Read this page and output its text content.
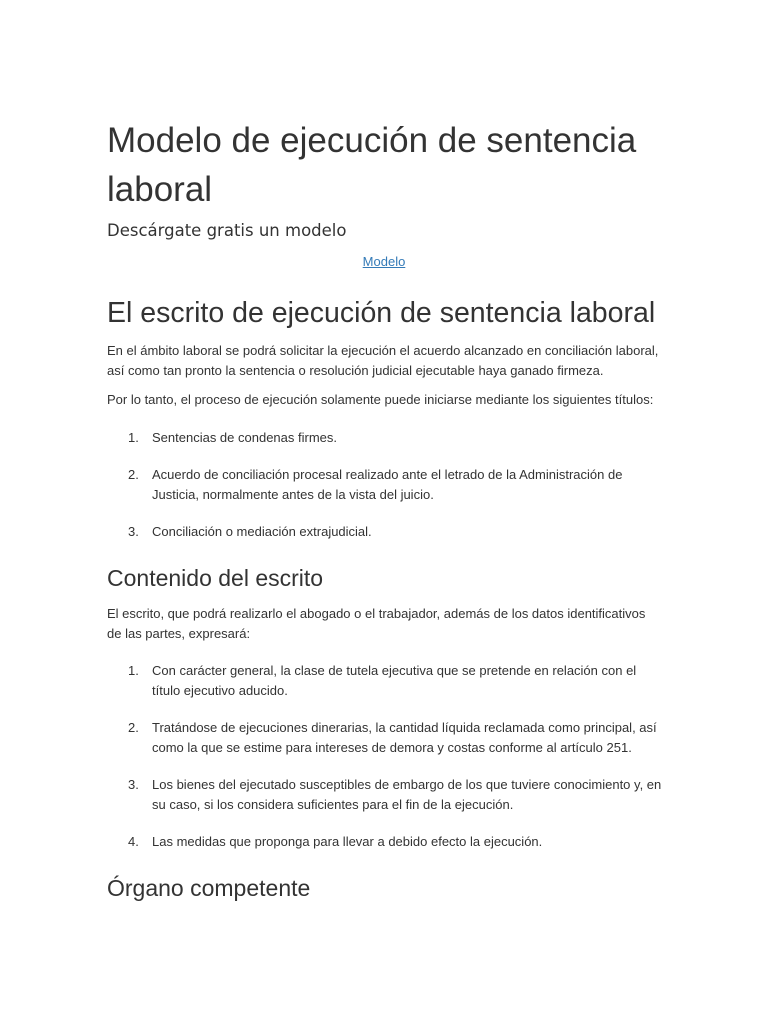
Modelo de ejecución de sentencia laboral
Descárgate gratis un modelo
Modelo
El escrito de ejecución de sentencia laboral

En el ámbito laboral se podrá solicitar la ejecución el acuerdo alcanzado en conciliación laboral, así como tan pronto la sentencia o resolución judicial ejecutable haya ganado firmeza.

Por lo tanto, el proceso de ejecución solamente puede iniciarse mediante los siguientes títulos:

1. Sentencias de condenas firmes.
2. Acuerdo de conciliación procesal realizado ante el letrado de la Administración de Justicia, normalmente antes de la vista del juicio.
3. Conciliación o mediación extrajudicial.
Contenido del escrito

El escrito, que podrá realizarlo el abogado o el trabajador, además de los datos identificativos de las partes, expresará:

1. Con carácter general, la clase de tutela ejecutiva que se pretende en relación con el título ejecutivo aducido.
2. Tratándose de ejecuciones dinerarias, la cantidad líquida reclamada como principal, así como la que se estime para intereses de demora y costas conforme al artículo 251.
3. Los bienes del ejecutado susceptibles de embargo de los que tuviere conocimiento y, en su caso, si los considera suficientes para el fin de la ejecución.
4. Las medidas que proponga para llevar a debido efecto la ejecución.
Órgano competente
